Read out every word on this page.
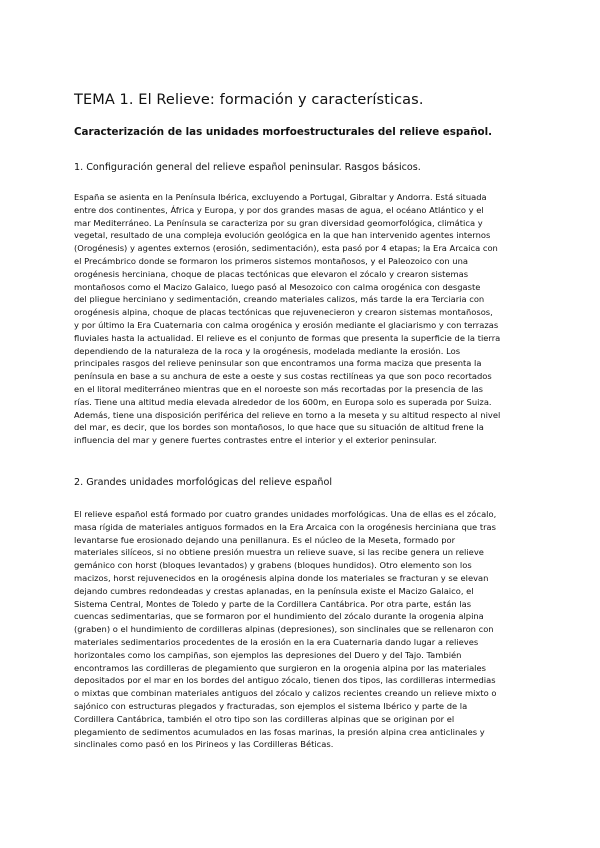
TEMA 1. El Relieve: formación y características.
Caracterización de las unidades morfoestructurales del relieve español.
1. Configuración general del relieve español peninsular. Rasgos básicos.
España se asienta en la Península Ibérica, excluyendo a Portugal, Gibraltar y Andorra. Está situada
entre dos continentes, África y Europa, y por dos grandes masas de agua, el océano Atlántico y el
mar Mediterráneo. La Península se caracteriza por su gran diversidad geomorfológica, climática y
vegetal, resultado de una compleja evolución geológica en la que han intervenido agentes internos
(Orogénesis) y agentes externos (erosión, sedimentación), esta pasó por 4 etapas; la Era Arcaica con
el Precámbrico donde se formaron los primeros sistemos montañosos, y el Paleozoico con una
orogénesis herciniana, choque de placas tectónicas que elevaron el zócalo y crearon sistemas
montañosos como el Macizo Galaico, luego pasó al Mesozoico con calma orogénica con desgaste
del pliegue herciniano y sedimentación, creando materiales calizos, más tarde la era Terciaria con
orogénesis alpina, choque de placas tectónicas que rejuvenecieron y crearon sistemas montañosos,
y por último la Era Cuaternaria con calma orogénica y erosión mediante el glaciarismo y con terrazas
fluviales hasta la actualidad. El relieve es el conjunto de formas que presenta la superficie de la tierra
dependiendo de la naturaleza de la roca y la orogénesis, modelada mediante la erosión. Los
principales rasgos del relieve peninsular son que encontramos una forma maciza que presenta la
península en base a su anchura de este a oeste y sus costas rectilíneas ya que son poco recortados
en el litoral mediterráneo mientras que en el noroeste son más recortadas por la presencia de las
rías. Tiene una altitud media elevada alrededor de los 600m, en Europa solo es superada por Suiza.
Además, tiene una disposición periférica del relieve en torno a la meseta y su altitud respecto al nivel
del mar, es decir, que los bordes son montañosos, lo que hace que su situación de altitud frene la
influencia del mar y genere fuertes contrastes entre el interior y el exterior peninsular.
2. Grandes unidades morfológicas del relieve español
El relieve español está formado por cuatro grandes unidades morfológicas. Una de ellas es el zócalo,
masa rígida de materiales antiguos formados en la Era Arcaica con la orogénesis herciniana que tras
levantarse fue erosionado dejando una penillanura. Es el núcleo de la Meseta, formado por
materiales silíceos, si no obtiene presión muestra un relieve suave, si las recibe genera un relieve
gemánico con horst (bloques levantados) y grabens (bloques hundidos). Otro elemento son los
macizos, horst rejuvenecidos en la orogénesis alpina donde los materiales se fracturan y se elevan
dejando cumbres redondeadas y crestas aplanadas, en la península existe el Macizo Galaico, el
Sistema Central, Montes de Toledo y parte de la Cordillera Cantábrica. Por otra parte, están las
cuencas sedimentarias, que se formaron por el hundimiento del zócalo durante la orogenia alpina
(graben) o el hundimiento de cordilleras alpinas (depresiones), son sinclinales que se rellenaron con
materiales sedimentarios procedentes de la erosión en la era Cuaternaria dando lugar a relieves
horizontales como los campiñas, son ejemplos las depresiones del Duero y del Tajo. También
encontramos las cordilleras de plegamiento que surgieron en la orogenia alpina por las materiales
depositados por el mar en los bordes del antiguo zócalo, tienen dos tipos, las cordilleras intermedias
o mixtas que combinan materiales antiguos del zócalo y calizos recientes creando un relieve mixto o
sajónico con estructuras plegados y fracturadas, son ejemplos el sistema Ibérico y parte de la
Cordillera Cantábrica, también el otro tipo son las cordilleras alpinas que se originan por el
plegamiento de sedimentos acumulados en las fosas marinas, la presión alpina crea anticlinales y
sinclinales como pasó en los Pirineos y las Cordilleras Béticas.
